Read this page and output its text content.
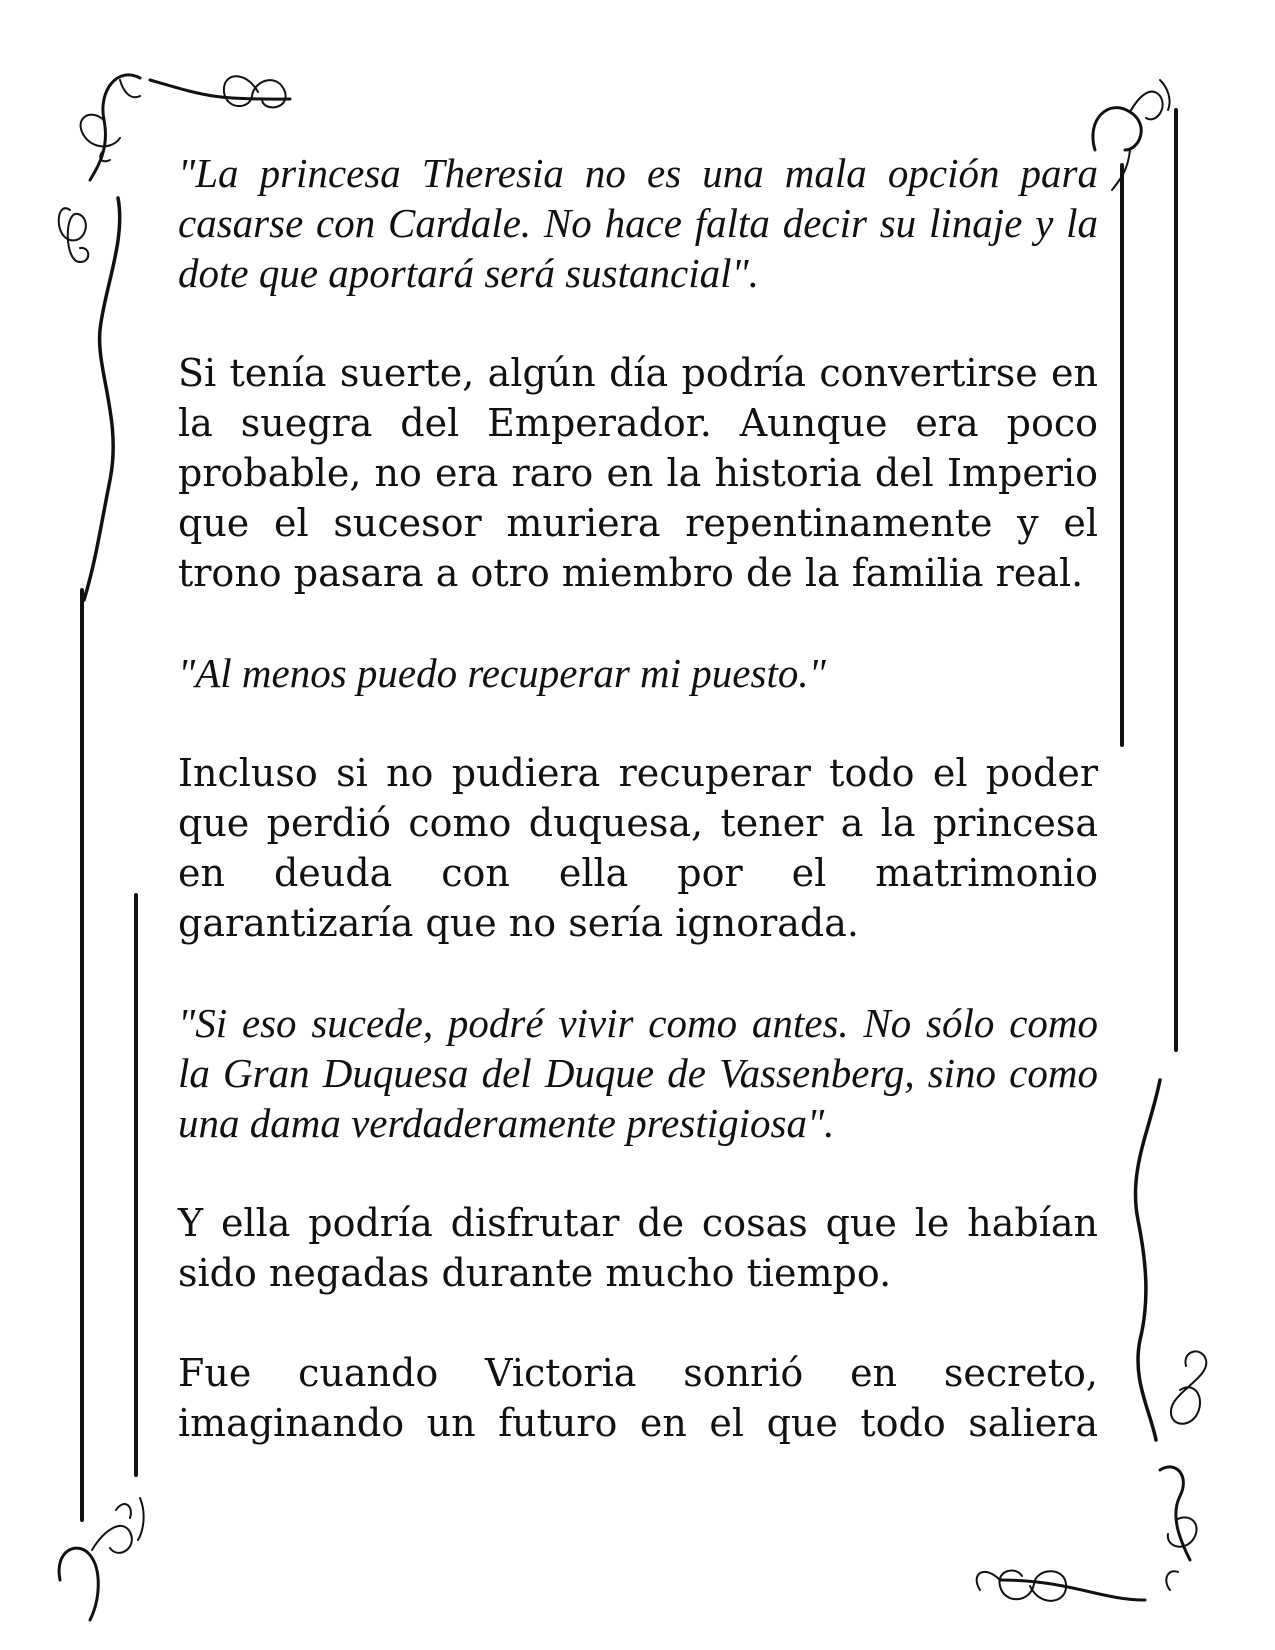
"La princesa Theresia no es una mala opción para casarse con Cardale. No hace falta decir su linaje y la dote que aportará será sustancial".

Si tenía suerte, algún día podría convertirse en la suegra del Emperador. Aunque era poco probable, no era raro en la historia del Imperio que el sucesor muriera repentinamente y el trono pasara a otro miembro de la familia real.

"Al menos puedo recuperar mi puesto."

Incluso si no pudiera recuperar todo el poder que perdió como duquesa, tener a la princesa en deuda con ella por el matrimonio garantizaría que no sería ignorada.

"Si eso sucede, podré vivir como antes. No sólo como la Gran Duquesa del Duque de Vassenberg, sino como una dama verdaderamente prestigiosa".

Y ella podría disfrutar de cosas que le habían sido negadas durante mucho tiempo.

Fue cuando Victoria sonrió en secreto, imaginando un futuro en el que todo saliera
